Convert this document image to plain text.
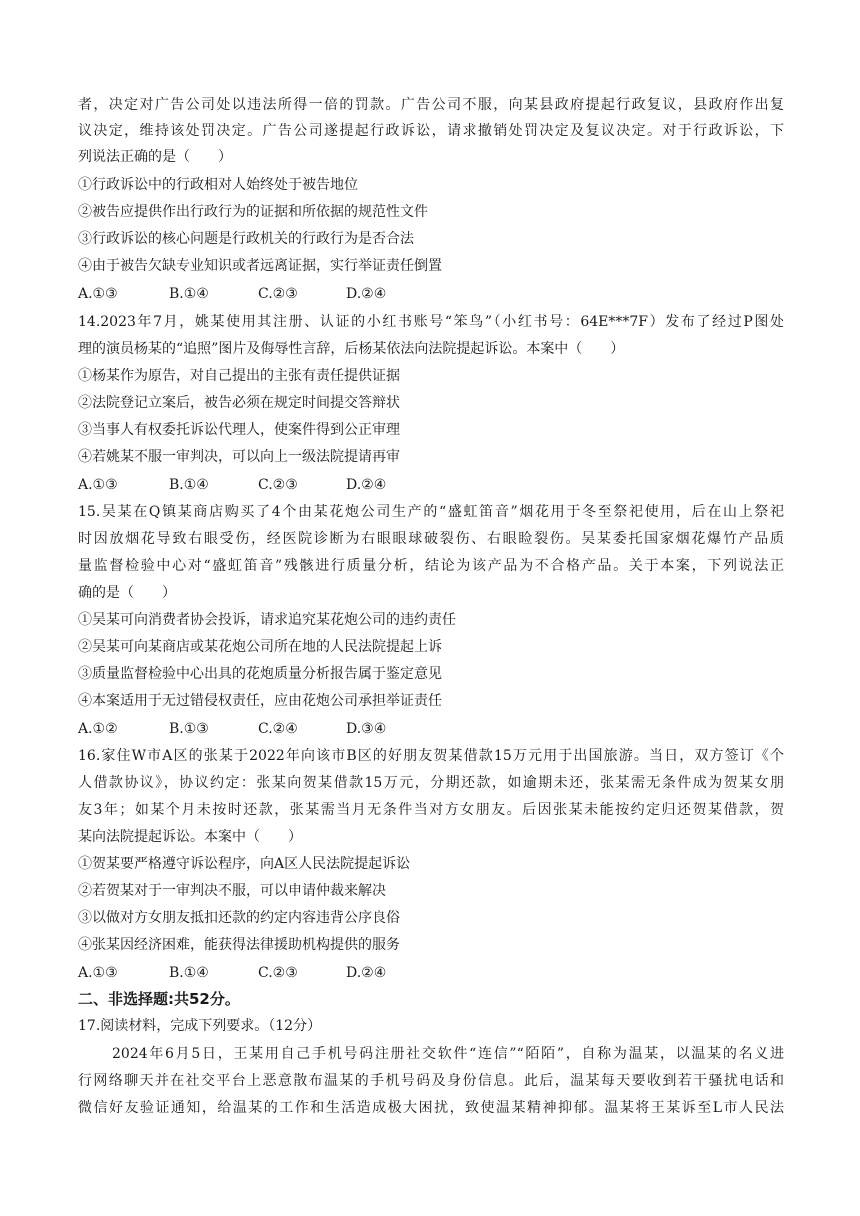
者，决定对广告公司处以违法所得一倍的罚款。广告公司不服，向某县政府提起行政复议，县政府作出复
议决定，维持该处罚决定。广告公司遂提起行政诉讼，请求撤销处罚决定及复议决定。对于行政诉讼，下
列说法正确的是（　　）
①行政诉讼中的行政相对人始终处于被告地位
②被告应提供作出行政行为的证据和所依据的规范性文件
③行政诉讼的核心问题是行政机关的行政行为是否合法
④由于被告欠缺专业知识或者远离证据，实行举证责任倒置
A.①③	B.①④	C.②③	D.②④
14.2023年7月，姚某使用其注册、认证的小红书账号“笨鸟”（小红书号：64E***7F）发布了经过P图处
理的演员杨某的“追照”图片及侮辱性言辞，后杨某依法向法院提起诉讼。本案中（　　）
①杨某作为原告，对自己提出的主张有责任提供证据
②法院登记立案后，被告必须在规定时间提交答辩状
③当事人有权委托诉讼代理人，使案件得到公正审理
④若姚某不服一审判决，可以向上一级法院提请再审
A.①③	B.①④	C.②③	D.②④
15.吴某在Q镇某商店购买了4个由某花炮公司生产的“盛虹笛音”烟花用于冬至祭祀使用，后在山上祭祀
时因放烟花导致右眼受伤，经医院诊断为右眼眼球破裂伤、右眼睑裂伤。吴某委托国家烟花爆竹产品质
量监督检验中心对“盛虹笛音”残骸进行质量分析，结论为该产品为不合格产品。关于本案，下列说法正
确的是（　　）
①吴某可向消费者协会投诉，请求追究某花炮公司的违约责任
②吴某可向某商店或某花炮公司所在地的人民法院提起上诉
③质量监督检验中心出具的花炮质量分析报告属于鉴定意见
④本案适用于无过错侵权责任，应由花炮公司承担举证责任
A.①②	B.①③	C.②④	D.③④
16.家住W市A区的张某于2022年向该市B区的好朋友贺某借款15万元用于出国旅游。当日，双方签订《个
人借款协议》，协议约定：张某向贺某借款15万元，分期还款，如逾期未还，张某需无条件成为贺某女朋
友3年；如某个月未按时还款，张某需当月无条件当对方女朋友。后因张某未能按约定归还贺某借款，贺
某向法院提起诉讼。本案中（　　）
①贺某要严格遵守诉讼程序，向A区人民法院提起诉讼
②若贺某对于一审判决不服，可以申请仲裁来解决
③以做对方女朋友抵扣还款的约定内容违背公序良俗
④张某因经济困难，能获得法律援助机构提供的服务
A.①③	B.①④	C.②③	D.②④
二、非选择题:共52分。
17.阅读材料，完成下列要求。（12分）
2024年6月5日，王某用自己手机号码注册社交软件“连信”“陌陌”，自称为温某，以温某的名义进
行网络聊天并在社交平台上恶意散布温某的手机号码及身份信息。此后，温某每天要收到若干骚扰电话和
微信好友验证通知，给温某的工作和生活造成极大困扰，致使温某精神抑郁。温某将王某诉至L市人民法
